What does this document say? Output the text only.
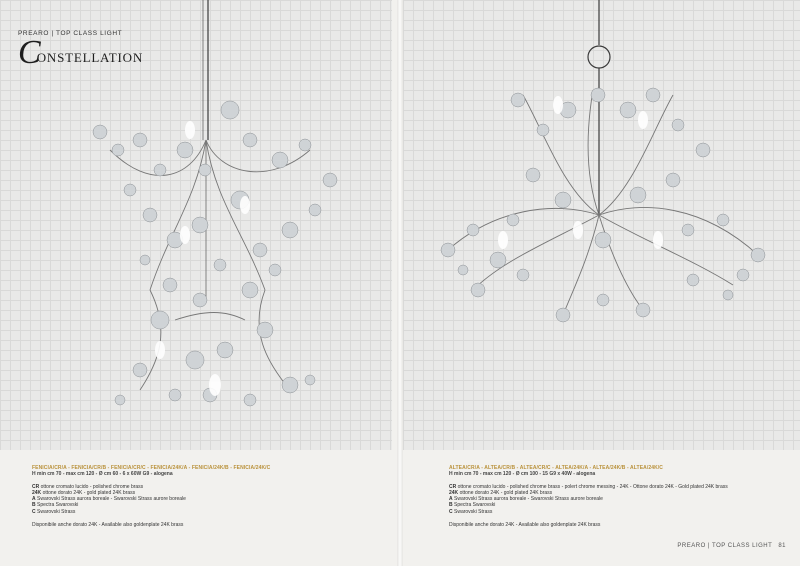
PREARO | TOP CLASS LIGHT
C
ONSTELLATION
FENICIA/CR/A - FENICIA/CR/B - FENICIA/CR/C - FENICIA/24K/A - FENICIA/24K/B - FENICIA/24K/C
H min cm 70 - max cm 120 - Ø cm 60 - 6 x 60W G9 - alogena
CR ottone cromato lucido - polished chrome brass
24K ottone dorato 24K - gold plated 24K brass
A Swarovski Strass aurora boreale - Swarovski Strass aurore boreale
B Spectra Swarovski
C Swarovski Strass
Disponibile anche dorato 24K - Available also goldenplate 24K brass
ALTEA/CR/A - ALTEA/CR/B - ALTEA/CR/C - ALTEA/24K/A - ALTEA/24K/B - ALTEA/24K/C
H min cm 70 - max cm 120 - Ø cm 100 - 15 G9 x 40W - alogena
CR ottone cromato lucido - polished chrome brass - polert chrome messing - 24K - Ottone dorato 24K - Gold plated 24K brass
24K ottone dorato 24K - gold plated 24K brass
A Swarovski Strass aurora boreale - Swarovski Strass aurore boreale
B Spectra Swarovski
C Swarovski Strass
Disponibile anche dorato 24K - Available also goldenplate 24K brass
PREARO | TOP CLASS LIGHT 81
